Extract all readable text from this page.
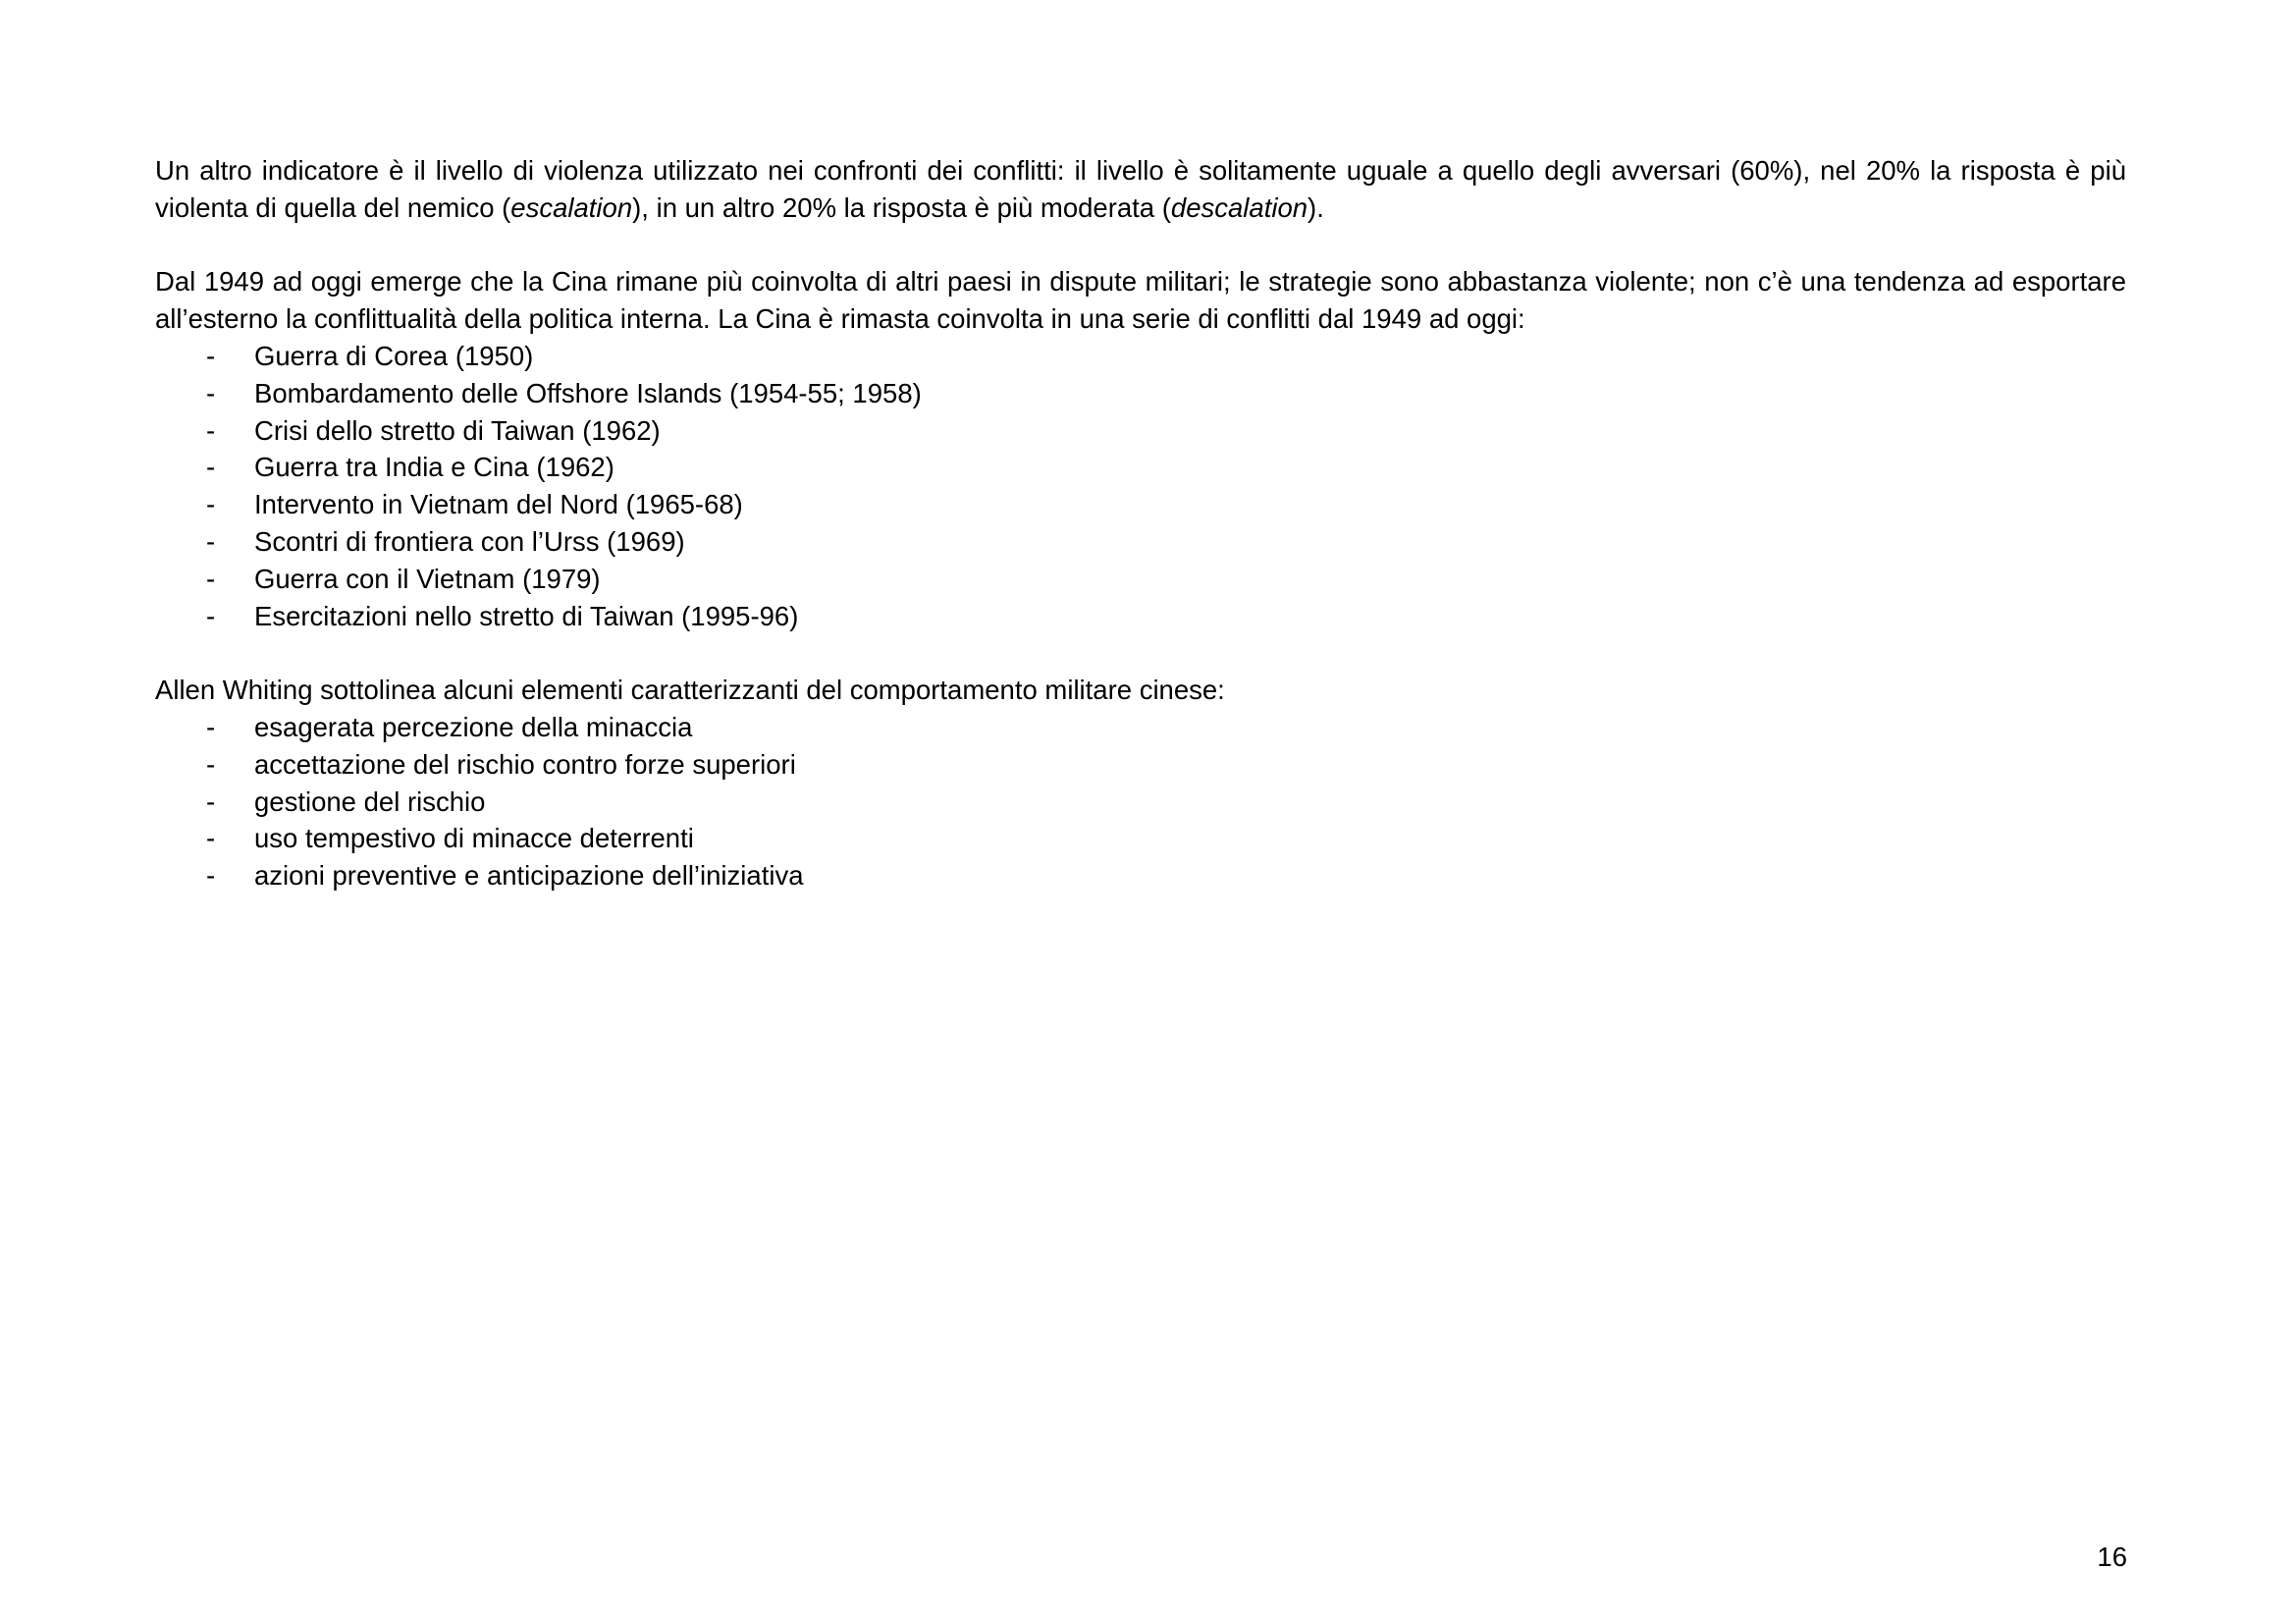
Un altro indicatore è il livello di violenza utilizzato nei confronti dei conflitti: il livello è solitamente uguale a quello degli avversari (60%), nel 20% la risposta è più violenta di quella del nemico (escalation), in un altro 20% la risposta è più moderata (descalation).

Dal 1949 ad oggi emerge che la Cina rimane più coinvolta di altri paesi in dispute militari; le strategie sono abbastanza violente; non c’è una tendenza ad esportare all’esterno la conflittualità della politica interna. La Cina è rimasta coinvolta in una serie di conflitti dal 1949 ad oggi:

- Guerra di Corea (1950)
- Bombardamento delle Offshore Islands (1954-55; 1958)
- Crisi dello stretto di Taiwan (1962)
- Guerra tra India e Cina (1962)
- Intervento in Vietnam del Nord (1965-68)
- Scontri di frontiera con l’Urss (1969)
- Guerra con il Vietnam (1979)
- Esercitazioni nello stretto di Taiwan (1995-96)

Allen Whiting sottolinea alcuni elementi caratterizzanti del comportamento militare cinese:

- esagerata percezione della minaccia
- accettazione del rischio contro forze superiori
- gestione del rischio
- uso tempestivo di minacce deterrenti
- azioni preventive e anticipazione dell’iniziativa
16
